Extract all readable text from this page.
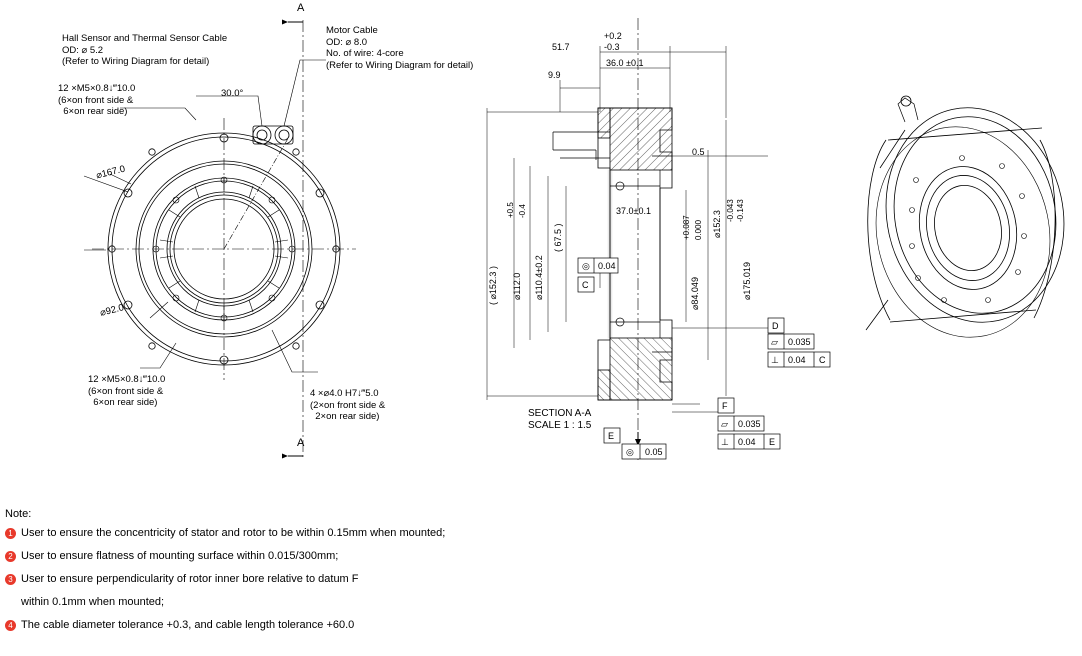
Hall Sensor and Thermal Sensor Cable
OD: ⌀ 5.2
(Refer to Wiring Diagram for detail)
Motor Cable
OD: ⌀ 8.0
No. of wire: 4-core
(Refer to Wiring Diagram for detail)
12 ×M5×0.8↓‴10.0
(6×on front side &
6×on rear side)
12 ×M5×0.8↓‴10.0
(6×on front side &
6×on rear side)
4 ×⌀4.0 H7↓‴5.0
(2×on front side &
2×on rear side)
30.0°
⌀167.0
⌀92.0
A
A
+0.2
51.7	-0.3
36.0 ±0.1
9.9
0.5
37.0±0.1
( ⌀152.3 ) ⌀112.0
+0.5 -0.4
⌀110.4±0.2
( 67.5 )
⌀84.049
+0.087 0.000 ⌀152.3 -0.043 -0.143
⌀175.019
◎ 0.04
C
D
▱ 0.035
⊥ 0.04 C
F
▱ 0.035
⊥ 0.04 E
E
◎ 0.05
SECTION A-A
SCALE 1 : 1.5
Note:
1 User to ensure the concentricity of stator and rotor to be within 0.15mm when mounted;
2 User to ensure flatness of mounting surface within 0.015/300mm;
3 User to ensure perpendicularity of rotor inner bore relative to datum F
within 0.1mm when mounted;
4 The cable diameter tolerance +0.3, and cable length tolerance +60.0
